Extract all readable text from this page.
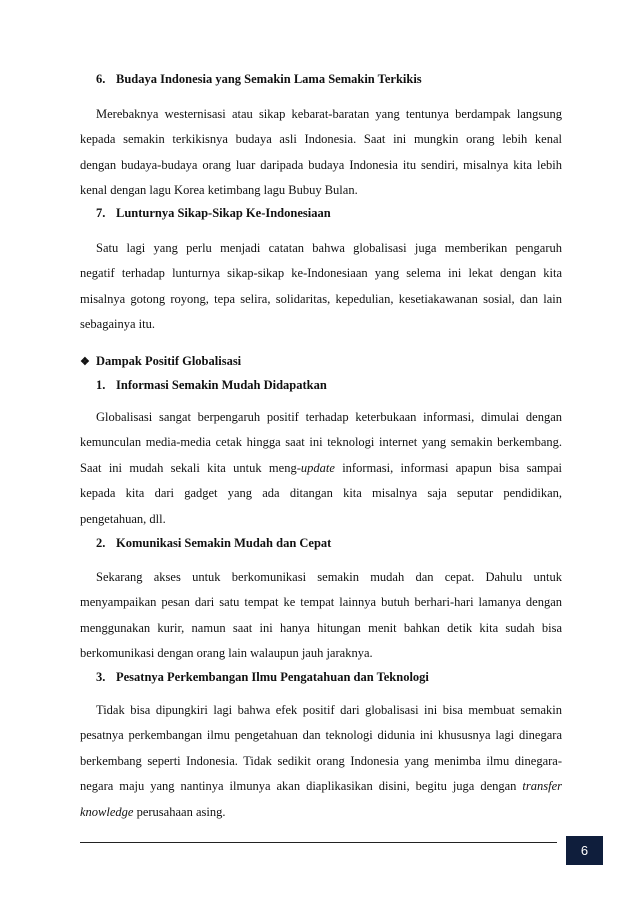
6. Budaya Indonesia yang Semakin Lama Semakin Terkikis
Merebaknya westernisasi atau sikap kebarat-baratan yang tentunya berdampak langsung
kepada semakin terkikisnya budaya asli Indonesia. Saat ini mungkin orang lebih kenal
dengan budaya-budaya orang luar daripada budaya Indonesia itu sendiri, misalnya kita lebih
kenal dengan lagu Korea ketimbang lagu Bubuy Bulan.
7. Lunturnya Sikap-Sikap Ke-Indonesiaan
Satu lagi yang perlu menjadi catatan bahwa globalisasi juga memberikan pengaruh
negatif terhadap lunturnya sikap-sikap ke-Indonesiaan yang selema ini lekat dengan kita
misalnya gotong royong, tepa selira, solidaritas, kepedulian, kesetiakawanan sosial, dan lain
sebagainya itu.
❖ Dampak Positif Globalisasi
1. Informasi Semakin Mudah Didapatkan
Globalisasi sangat berpengaruh positif terhadap keterbukaan informasi, dimulai dengan
kemunculan media-media cetak hingga saat ini teknologi internet yang semakin berkembang.
Saat ini mudah sekali kita untuk meng-update informasi, informasi apapun bisa sampai
kepada kita dari gadget yang ada ditangan kita misalnya saja seputar pendidikan,
pengetahuan, dll.
2. Komunikasi Semakin Mudah dan Cepat
Sekarang akses untuk berkomunikasi semakin mudah dan cepat. Dahulu untuk
menyampaikan pesan dari satu tempat ke tempat lainnya butuh berhari-hari lamanya dengan
menggunakan kurir, namun saat ini hanya hitungan menit bahkan detik kita sudah bisa
berkomunikasi dengan orang lain walaupun jauh jaraknya.
3. Pesatnya Perkembangan Ilmu Pengatahuan dan Teknologi
Tidak bisa dipungkiri lagi bahwa efek positif dari globalisasi ini bisa membuat semakin
pesatnya perkembangan ilmu pengetahuan dan teknologi didunia ini khususnya lagi dinegara
berkembang seperti Indonesia. Tidak sedikit orang Indonesia yang menimba ilmu dinegara-
negara maju yang nantinya ilmunya akan diaplikasikan disini, begitu juga dengan transfer
knowledge perusahaan asing.
6
